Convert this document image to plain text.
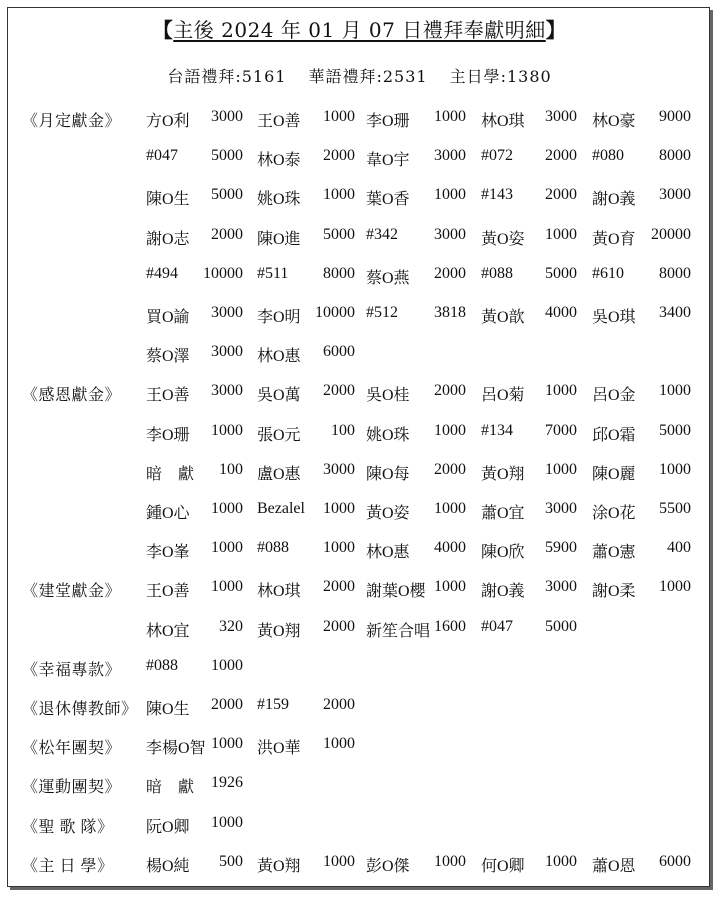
【主後 2024 年 01 月 07 日禮拜奉獻明細】
台語禮拜:5161 華語禮拜:2531 主日學:1380
《月定獻金》 方O利 3000 王O善 1000 李O珊 1000 林O琪 3000 林O豪 9000
#047 5000 林O泰 2000 韋O宇 3000 #072 2000 #080 8000
陳O生 5000 姚O珠 1000 葉O香 1000 #143 2000 謝O義 3000
謝O志 2000 陳O進 5000 #342 3000 黃O姿 1000 黃O育 20000
#494 10000 #511 8000 蔡O燕 2000 #088 5000 #610 8000
買O諭 3000 李O明 10000 #512 3818 黃O歆 4000 吳O琪 3400
蔡O澤 3000 林O惠 6000
《感恩獻金》 王O善 3000 吳O萬 2000 吳O桂 2000 呂O菊 1000 呂O金 1000
李O珊 1000 張O元 100 姚O珠 1000 #134 7000 邱O霜 5000
暗　獻 100 盧O惠 3000 陳O每 2000 黃O翔 1000 陳O麗 1000
鍾O心 1000 Bezalel 1000 黃O姿 1000 蕭O宜 3000 涂O花 5500
李O峯 1000 #088 1000 林O惠 4000 陳O欣 5900 蕭O憲 400
《建堂獻金》 王O善 1000 林O琪 2000 謝葉O櫻 1000 謝O義 3000 謝O柔 1000
林O宜 320 黃O翔 2000 新笙合唱 1600 #047 5000
《幸福專款》 #088 1000
《退休傳教師》 陳O生 2000 #159 2000
《松年團契》 李楊O智 1000 洪O華 1000
《運動團契》 暗　獻 1926
《聖 歌 隊》 阮O卿 1000
《主 日 學》 楊O純 500 黃O翔 1000 彭O傑 1000 何O卿 1000 蕭O恩 6000
